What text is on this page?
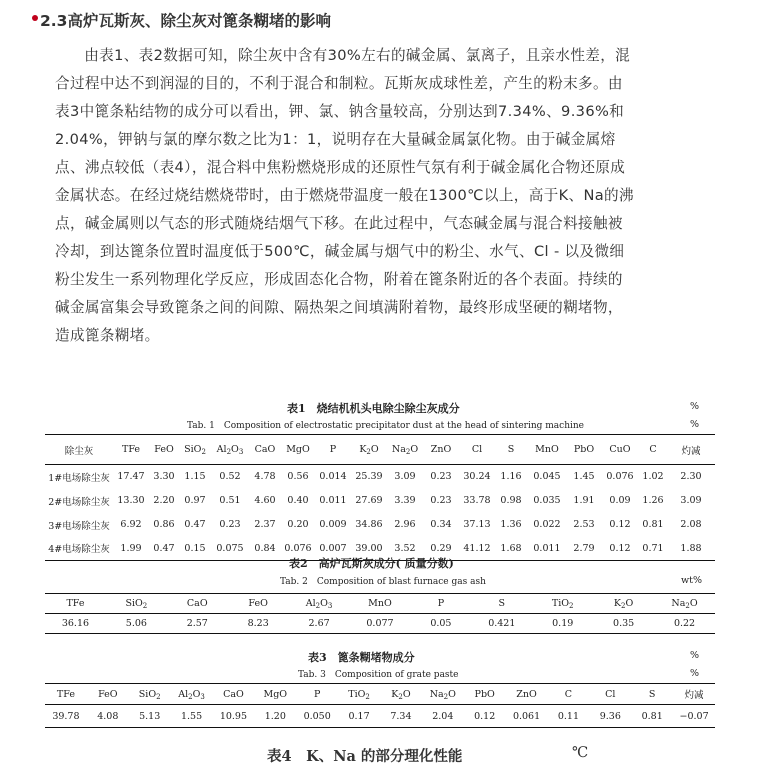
2.3高炉瓦斯灰、除尘灰对篦条糊堵的影响
由表1、表2数据可知，除尘灰中含有30%左右的碱金属、氯离子，且亲水性差，混
合过程中达不到润湿的目的，不利于混合和制粒。瓦斯灰成球性差，产生的粉末多。由
表3中篦条粘结物的成分可以看出，钾、氯、钠含量较高，分别达到7.34%、9.36%和
2.04%，钾钠与氯的摩尔数之比为1：1，说明存在大量碱金属氯化物。由于碱金属熔
点、沸点较低（表4），混合料中焦粉燃烧形成的还原性气氛有利于碱金属化合物还原成
金属状态。在经过烧结燃烧带时，由于燃烧带温度一般在1300℃以上，高于K、Na的沸
点，碱金属则以气态的形式随烧结烟气下移。在此过程中，气态碱金属与混合料接触被
冷却，到达篦条位置时温度低于500℃，碱金属与烟气中的粉尘、水气、Cl - 以及微细
粉尘发生一系列物理化学反应，形成固态化合物，附着在篦条附近的各个表面。持续的
碱金属富集会导致篦条之间的间隙、隔热架之间填满附着物，最终形成坚硬的糊堵物，
造成篦条糊堵。
表1　烧结机机头电除尘除尘灰成分	%
Tab. 1　Composition of electrostatic precipitator dust at the head of sintering machine	%
除尘灰	TFe	FeO	SiO$_2$	$Al_2O_3$	CaO	MgO	P	$K_2O$	$Na_2O$	ZnO	Cl	S	MnO	PbO	CuO	C	灼减
1#电场除尘灰	17.47	3.30	1.15	0.52	4.78	0.56	0.014	25.39	3.09	0.23	30.24	1.16	0.045	1.45	0.076	1.02	2.30
2#电场除尘灰	13.30	2.20	0.97	0.51	4.60	0.40	0.011	27.69	3.39	0.23	33.78	0.98	0.035	1.91	0.09	1.26	3.09
3#电场除尘灰	6.92	0.86	0.47	0.23	2.37	0.20	0.009	34.86	2.96	0.34	37.13	1.36	0.022	2.53	0.12	0.81	2.08
4#电场除尘灰	1.99	0.47	0.15	0.075	0.84	0.076	0.007	39.00	3.52	0.29	41.12	1.68	0.011	2.79	0.12	0.71	1.88
表2　高炉瓦斯灰成分( 质量分数)
Tab. 2　Composition of blast furnace gas ash	wt%
TFe	SiO$_2$	CaO	FeO	$Al_2O_3$	MnO	P	S	TiO$_2$	$K_2O$	$Na_2O$
36.16	5.06	2.57	8.23	2.67	0.077	0.05	0.421	0.19	0.35	0.22
表3　篦条糊堵物成分	%
Tab. 3　Composition of grate paste	%
TFe	FeO	SiO$_2$	$Al_2O_3$	CaO	MgO	P	TiO$_2$	$K_2O$	$Na_2O$	PbO	ZnO	C	Cl	S	灼减
39.78	4.08	5.13	1.55	10.95	1.20	0.050	0.17	7.34	2.04	0.12	0.061	0.11	9.36	0.81	−0.07
表4　K、Na 的部分理化性能	℃
